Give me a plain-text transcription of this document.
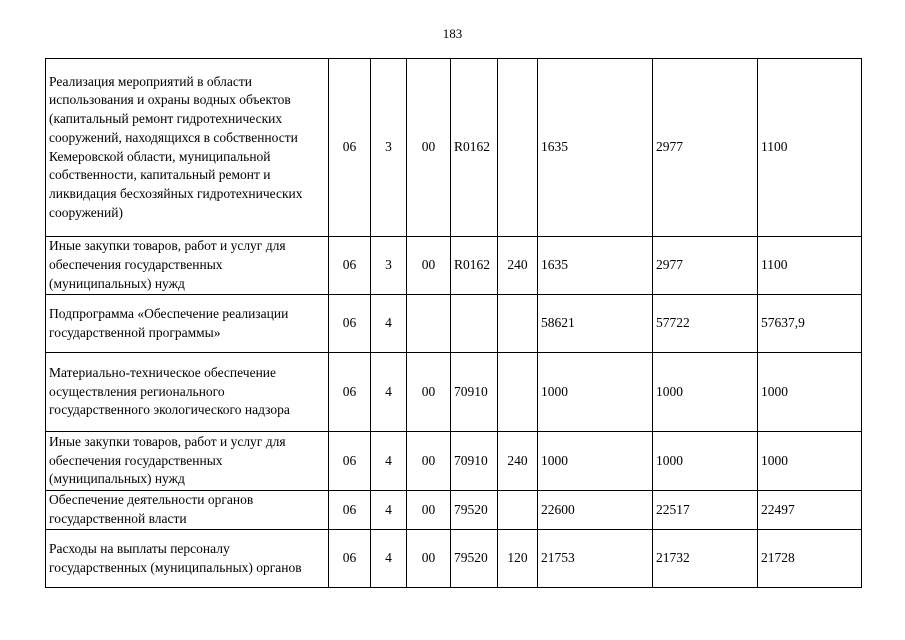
183
Реализация мероприятий в области использования и охраны водных объектов (капитальный ремонт гидротехнических сооружений, находящихся в собственности Кемеровской области, муниципальной собственности, капитальный ремонт и ликвидация бесхозяйных гидротехнических сооружений)	06	3	00	R0162		1635	2977	1100
Иные закупки товаров, работ и услуг для обеспечения государственных (муниципальных) нужд	06	3	00	R0162	240	1635	2977	1100
Подпрограмма «Обеспечение реализации государственной программы»	06	4				58621	57722	57637,9
Материально-техническое обеспечение осуществления регионального государственного экологического надзора	06	4	00	70910		1000	1000	1000
Иные закупки товаров, работ и услуг для обеспечения государственных (муниципальных) нужд	06	4	00	70910	240	1000	1000	1000
Обеспечение деятельности органов государственной власти	06	4	00	79520		22600	22517	22497
Расходы на выплаты персоналу государственных (муниципальных) органов	06	4	00	79520	120	21753	21732	21728
